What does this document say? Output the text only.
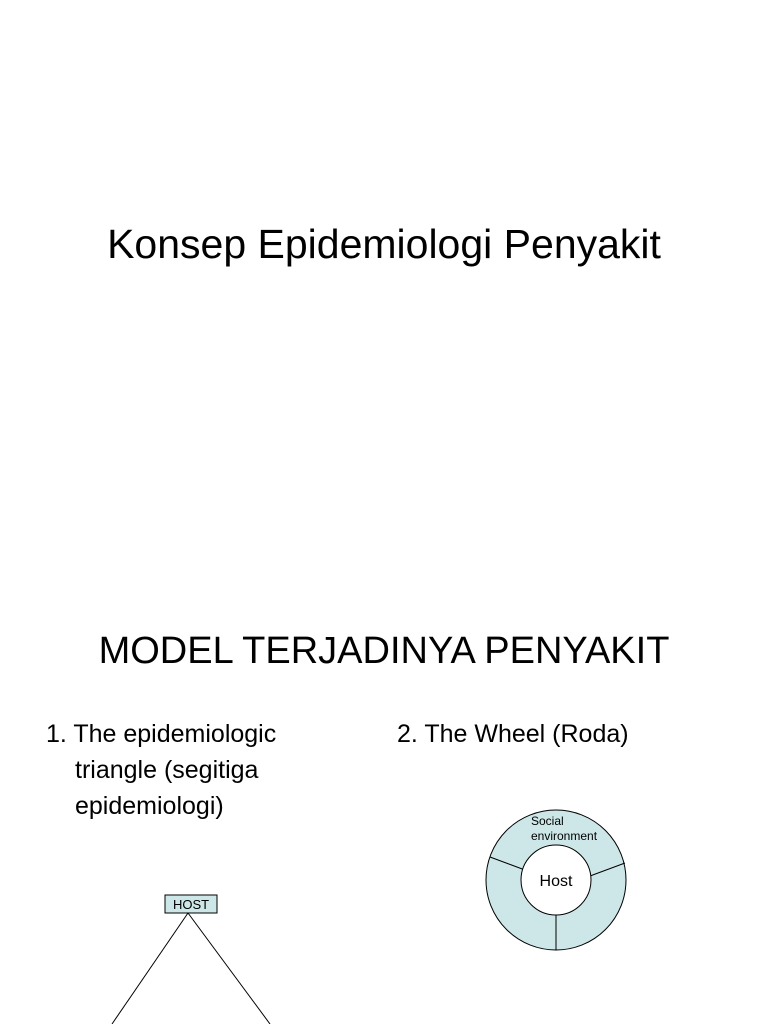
Konsep Epidemiologi Penyakit
MODEL TERJADINYA PENYAKIT
1. The epidemiologic
triangle (segitiga
epidemiologi)
2. The Wheel (Roda)
Social
environment
Host
HOST
